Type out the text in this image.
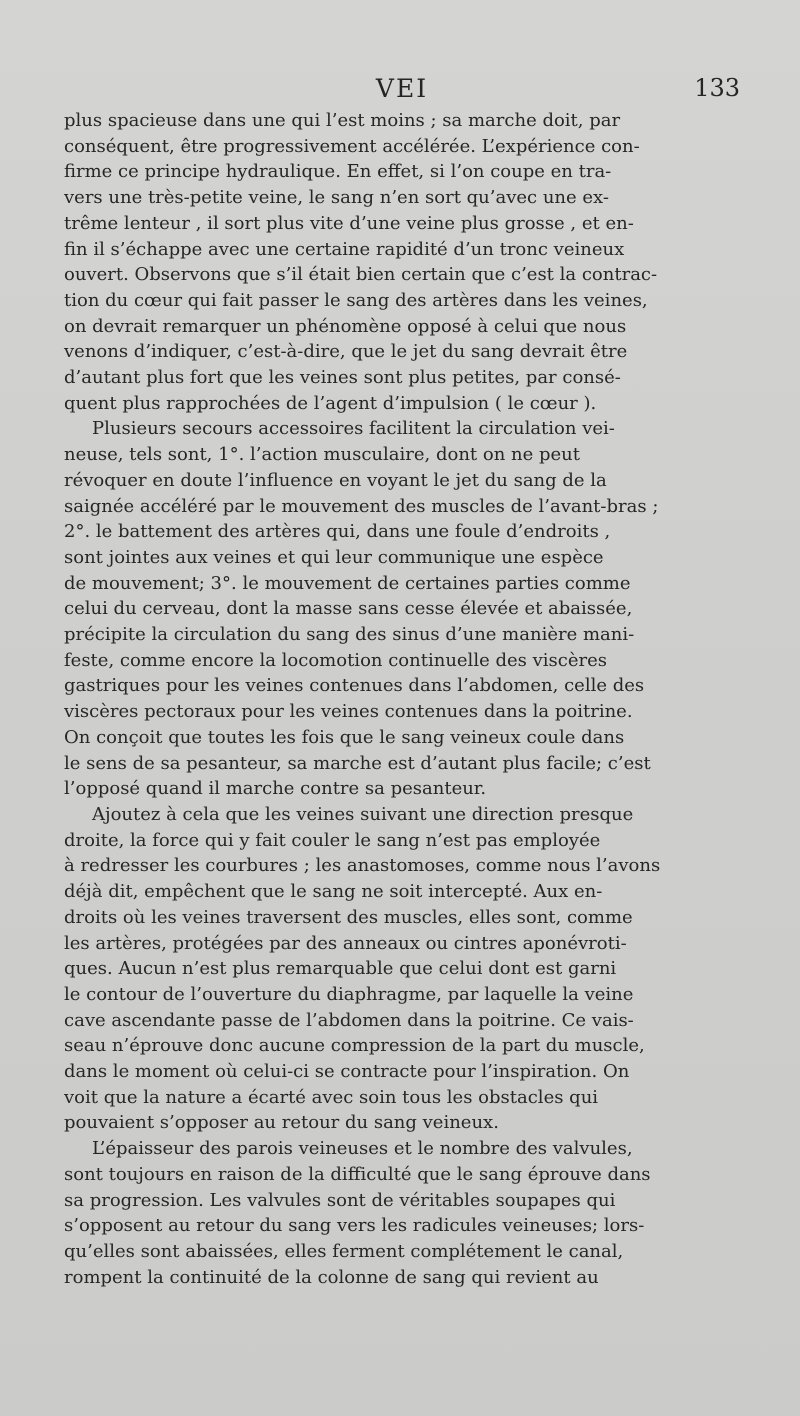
VEI	133

plus spacieuse dans une qui l’est moins ; sa marche doit, par
conséquent, être progressivement accélérée. L’expérience con-
firme ce principe hydraulique. En effet, si l’on coupe en tra-
vers une très-petite veine, le sang n’en sort qu’avec une ex-
trême lenteur , il sort plus vite d’une veine plus grosse , et en-
fin il s’échappe avec une certaine rapidité d’un tronc veineux
ouvert. Observons que s’il était bien certain que c’est la contrac-
tion du cœur qui fait passer le sang des artères dans les veines,
on devrait remarquer un phénomène opposé à celui que nous
venons d’indiquer, c’est-à-dire, que le jet du sang devrait être
d’autant plus fort que les veines sont plus petites, par consé-
quent plus rapprochées de l’agent d’impulsion ( le cœur ).

Plusieurs secours accessoires facilitent la circulation vei-
neuse, tels sont, 1°. l’action musculaire, dont on ne peut
révoquer en doute l’influence en voyant le jet du sang de la
saignée accéléré par le mouvement des muscles de l’avant-bras ;
2°. le battement des artères qui, dans une foule d’endroits ,
sont jointes aux veines et qui leur communique une espèce
de mouvement; 3°. le mouvement de certaines parties comme
celui du cerveau, dont la masse sans cesse élevée et abaissée,
précipite la circulation du sang des sinus d’une manière mani-
feste, comme encore la locomotion continuelle des viscères
gastriques pour les veines contenues dans l’abdomen, celle des
viscères pectoraux pour les veines contenues dans la poitrine.
On conçoit que toutes les fois que le sang veineux coule dans
le sens de sa pesanteur, sa marche est d’autant plus facile; c’est
l’opposé quand il marche contre sa pesanteur.

Ajoutez à cela que les veines suivant une direction presque
droite, la force qui y fait couler le sang n’est pas employée
à redresser les courbures ; les anastomoses, comme nous l’avons
déjà dit, empêchent que le sang ne soit intercepté. Aux en-
droits où les veines traversent des muscles, elles sont, comme
les artères, protégées par des anneaux ou cintres aponévroti-
ques. Aucun n’est plus remarquable que celui dont est garni
le contour de l’ouverture du diaphragme, par laquelle la veine
cave ascendante passe de l’abdomen dans la poitrine. Ce vais-
seau n’éprouve donc aucune compression de la part du muscle,
dans le moment où celui-ci se contracte pour l’inspiration. On
voit que la nature a écarté avec soin tous les obstacles qui
pouvaient s’opposer au retour du sang veineux.

L’épaisseur des parois veineuses et le nombre des valvules,
sont toujours en raison de la difficulté que le sang éprouve dans
sa progression. Les valvules sont de véritables soupapes qui
s’opposent au retour du sang vers les radicules veineuses; lors-
qu’elles sont abaissées, elles ferment complétement le canal,
rompent la continuité de la colonne de sang qui revient au
